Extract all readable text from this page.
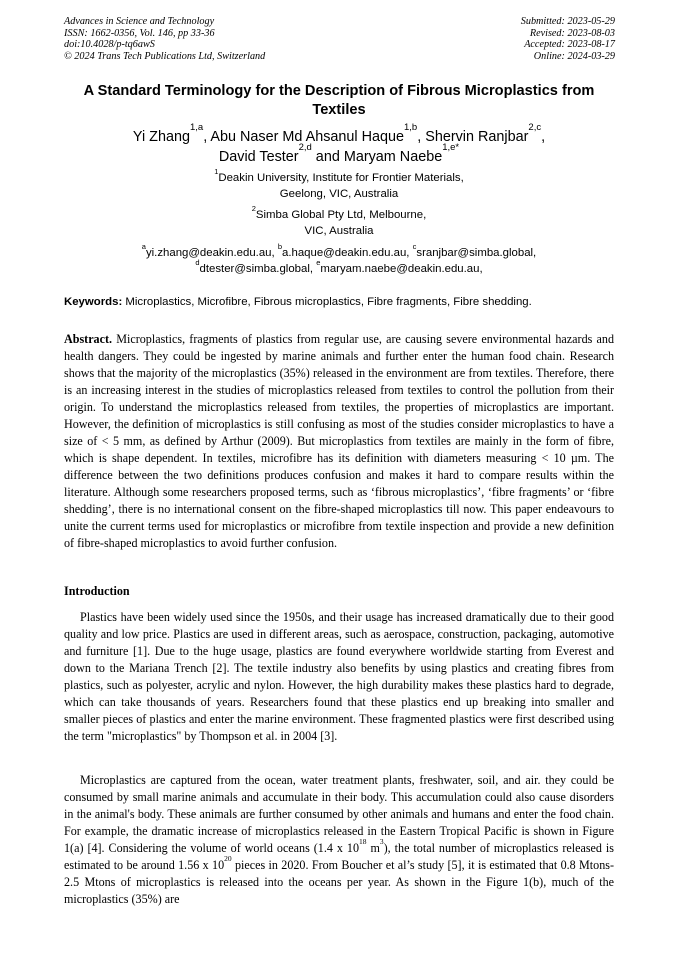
Advances in Science and Technology
ISSN: 1662-0356, Vol. 146, pp 33-36
doi:10.4028/p-tq6awS
© 2024 Trans Tech Publications Ltd, Switzerland
Submitted: 2023-05-29
Revised: 2023-08-03
Accepted: 2023-08-17
Online: 2024-03-29
A Standard Terminology for the Description of Fibrous Microplastics from Textiles
Yi Zhang$^{1,a}$, Abu Naser Md Ahsanul Haque$^{1,b}$, Shervin Ranjbar$^{2,c}$,
David Tester$^{2,d}$ and Maryam Naebe$^{1,e*}$
$^1$Deakin University, Institute for Frontier Materials,
Geelong, VIC, Australia
$^2$Simba Global Pty Ltd, Melbourne,
VIC, Australia
$^a$yi.zhang@deakin.edu.au, $^b$a.haque@deakin.edu.au, $^c$sranjbar@simba.global,
$^d$dtester@simba.global, $^e$maryam.naebe@deakin.edu.au,
Keywords: Microplastics, Microfibre, Fibrous microplastics, Fibre fragments, Fibre shedding.
Abstract. Microplastics, fragments of plastics from regular use, are causing severe environmental hazards and health dangers. They could be ingested by marine animals and further enter the human food chain. Research shows that the majority of the microplastics (35%) released in the environment are from textiles. Therefore, there is an increasing interest in the studies of microplastics released from textiles to control the pollution from their origin. To understand the microplastics released from textiles, the properties of microplastics are important. However, the definition of microplastics is still confusing as most of the studies consider microplastics to have a size of < 5 mm, as defined by Arthur (2009). But microplastics from textiles are mainly in the form of fibre, which is shape dependent. In textiles, microfibre has its definition with diameters measuring < 10 µm. The difference between the two definitions produces confusion and makes it hard to compare results within the literature. Although some researchers proposed terms, such as ‘fibrous microplastics’, ‘fibre fragments’ or ‘fibre shedding’, there is no international consent on the fibre-shaped microplastics till now. This paper endeavours to unite the current terms used for microplastics or microfibre from textile inspection and provide a new definition of fibre-shaped microplastics to avoid further confusion.
Introduction
Plastics have been widely used since the 1950s, and their usage has increased dramatically due to their good quality and low price. Plastics are used in different areas, such as aerospace, construction, packaging, automotive and furniture [1]. Due to the huge usage, plastics are found everywhere worldwide starting from Everest and down to the Mariana Trench [2]. The textile industry also benefits by using plastics and creating fibres from plastics, such as polyester, acrylic and nylon. However, the high durability makes these plastics hard to degrade, which can take thousands of years. Researchers found that these plastics end up breaking into smaller and smaller pieces of plastics and enter the marine environment. These fragmented plastics were first described using the term "microplastics" by Thompson et al. in 2004 [3].
Microplastics are captured from the ocean, water treatment plants, freshwater, soil, and air. they could be consumed by small marine animals and accumulate in their body. This accumulation could also cause disorders in the animal's body. These animals are further consumed by other animals and humans and enter the food chain. For example, the dramatic increase of microplastics released in the Eastern Tropical Pacific is shown in Figure 1(a) [4]. Considering the volume of world oceans (1.4 x $10^{18}$ $m^3$), the total number of microplastics released is estimated to be around 1.56 x $10^{20}$ pieces in 2020. From Boucher et al’s study [5], it is estimated that 0.8 Mtons- 2.5 Mtons of microplastics is released into the oceans per year. As shown in the Figure 1(b), much of the microplastics (35%) are
